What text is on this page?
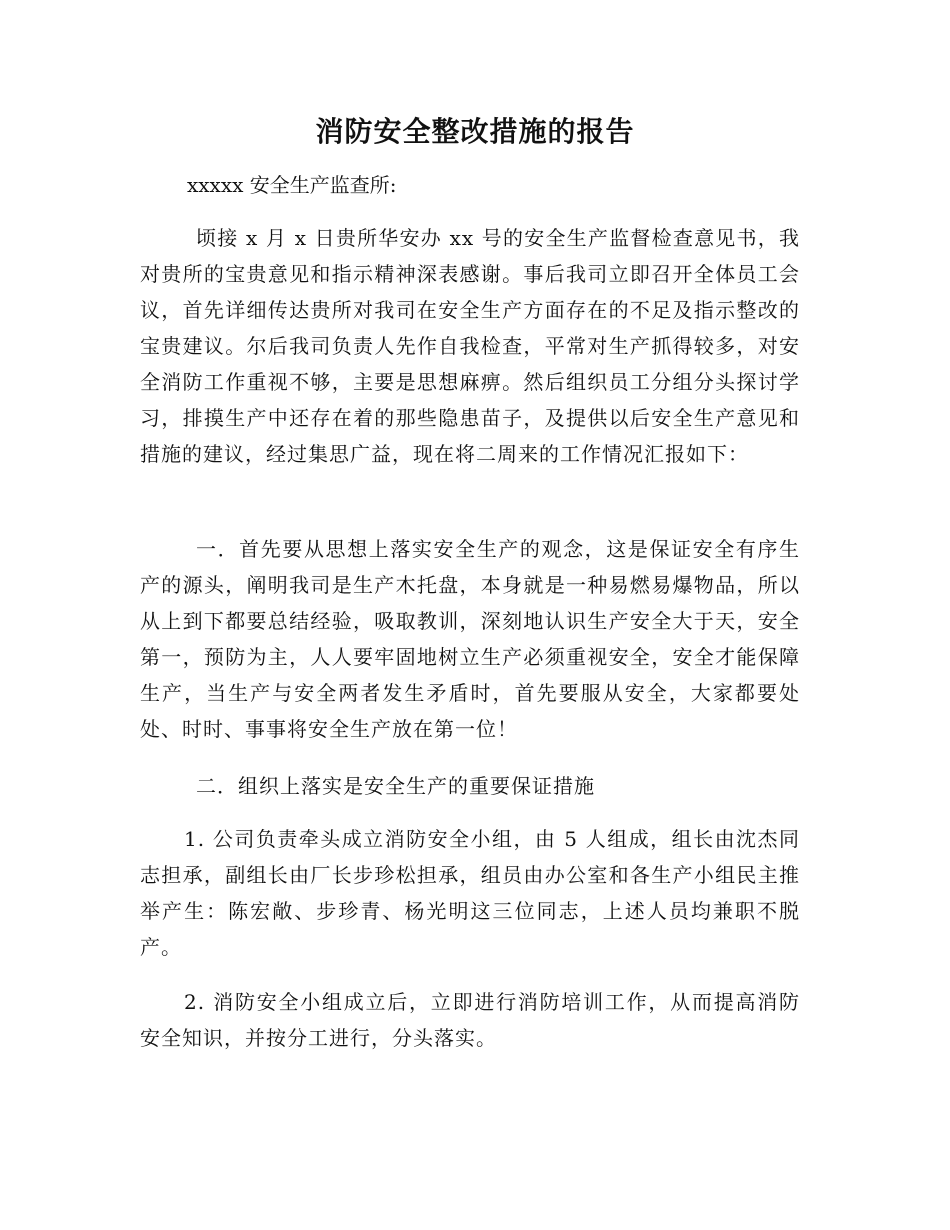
消防安全整改措施的报告
xxxxx 安全生产监查所:

顷接 x 月 x 日贵所华安办 xx 号的安全生产监督检查意见书，我对贵所的宝贵意见和指示精神深表感谢。事后我司立即召开全体员工会议，首先详细传达贵所对我司在安全生产方面存在的不足及指示整改的宝贵建议。尔后我司负责人先作自我检查，平常对生产抓得较多，对安全消防工作重视不够，主要是思想麻痹。然后组织员工分组分头探讨学习，排摸生产中还存在着的那些隐患苗子，及提供以后安全生产意见和措施的建议，经过集思广益，现在将二周来的工作情况汇报如下：

一．首先要从思想上落实安全生产的观念，这是保证安全有序生产的源头，阐明我司是生产木托盘，本身就是一种易燃易爆物品，所以从上到下都要总结经验，吸取教训，深刻地认识生产安全大于天，安全第一，预防为主，人人要牢固地树立生产必须重视安全，安全才能保障生产，当生产与安全两者发生矛盾时，首先要服从安全，大家都要处处、时时、事事将安全生产放在第一位！

二．组织上落实是安全生产的重要保证措施

1. 公司负责牵头成立消防安全小组，由 5 人组成，组长由沈杰同志担承，副组长由厂长步珍松担承，组员由办公室和各生产小组民主推举产生：陈宏敞、步珍青、杨光明这三位同志，上述人员均兼职不脱产。

2. 消防安全小组成立后，立即进行消防培训工作，从而提高消防安全知识，并按分工进行，分头落实。
